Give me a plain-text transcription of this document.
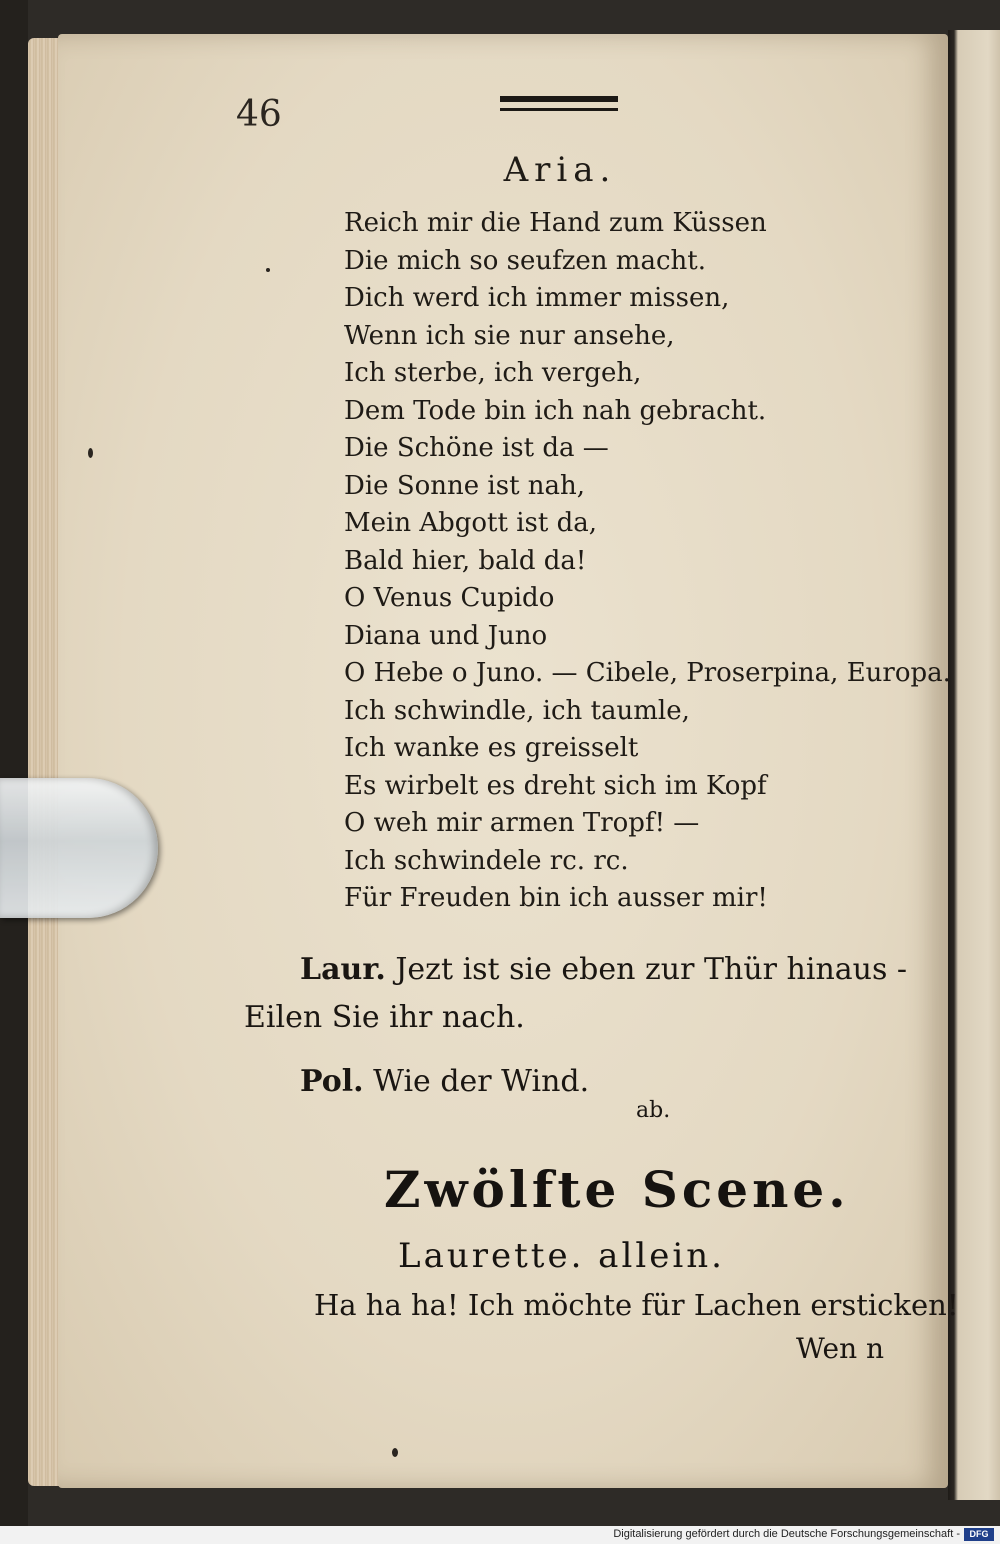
46
Aria.
Reich mir die Hand zum Küssen
Die mich so seufzen macht.
Dich werd ich immer missen,
Wenn ich sie nur ansehe,
Ich sterbe, ich vergeh,
Dem Tode bin ich nah gebracht.
Die Schöne ist da —
Die Sonne ist nah,
Mein Abgott ist da,
Bald hier, bald da!
O Venus Cupido
Diana und Juno
O Hebe o Juno. — Cibele, Proserpina, Europa.
Ich schwindle, ich taumle,
Ich wanke es greisselt
Es wirbelt es dreht sich im Kopf
O weh mir armen Tropf! —
Ich schwindele rc. rc.
Für Freuden bin ich ausser mir!
Laur. Jezt ist sie eben zur Thür hinaus -
Eilen Sie ihr nach.
Pol. Wie der Wind.
ab.
Zwölfte Scene.
Laurette. allein.
Ha ha ha! Ich möchte für Lachen ersticken!
Wen n
Digitalisierung gefördert durch die Deutsche Forschungsgemeinschaft -	DFG
